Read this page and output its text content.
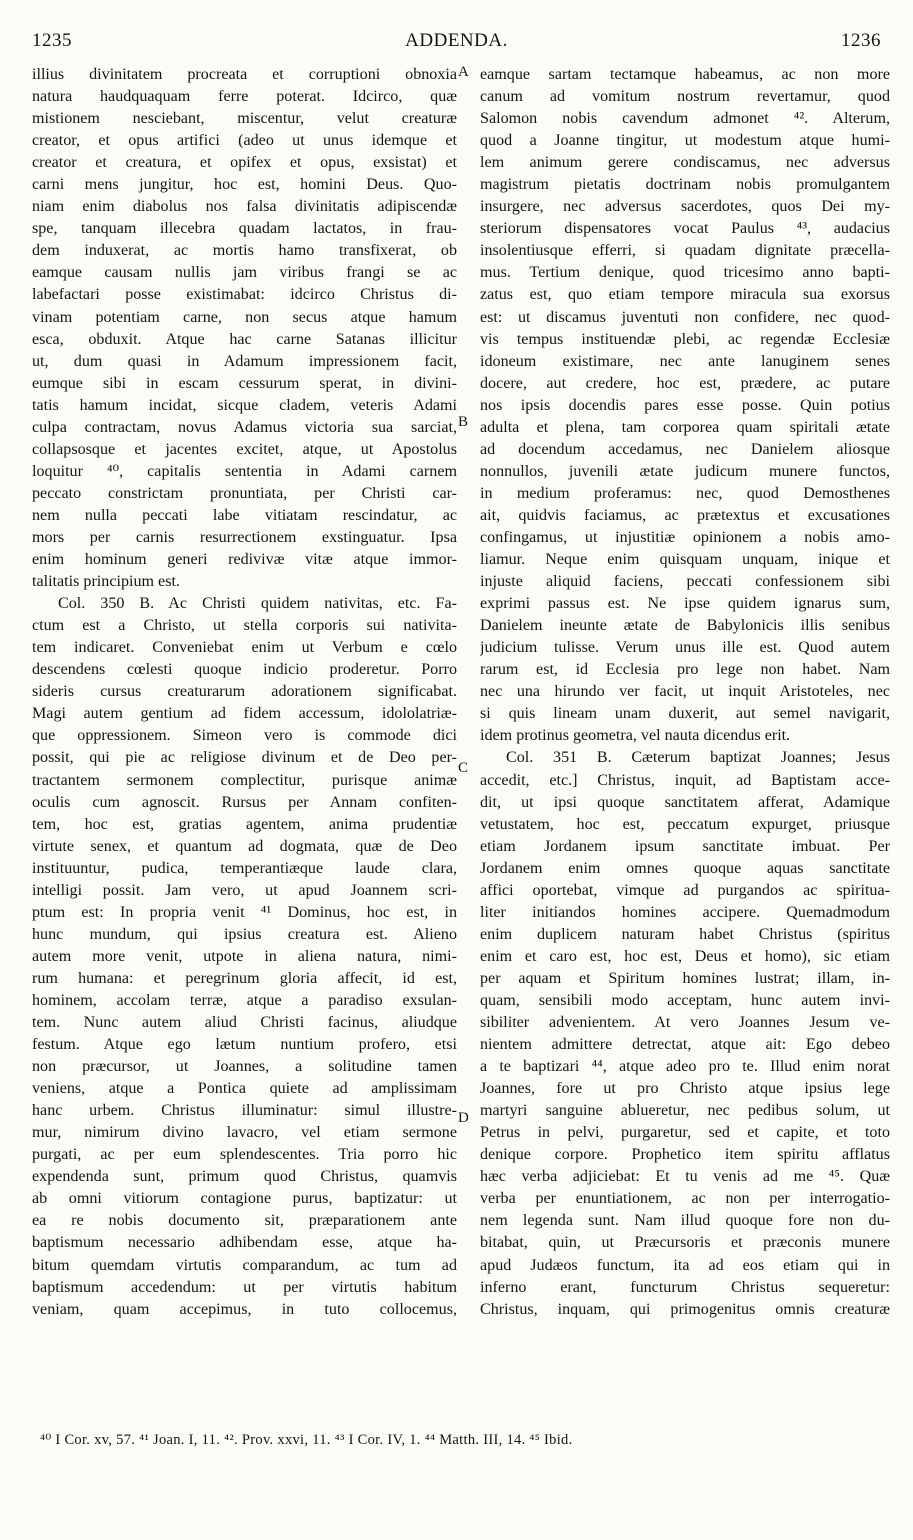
1235	ADDENDA.	1236

illius divinitatem procreata et corruptioni obnoxia

natura haudquaquam ferre poterat. Idcirco, quæ

mistionem nesciebant, miscentur, velut creaturæ

creator, et opus artifici (adeo ut unus idemque et

creator et creatura, et opifex et opus, exsistat) et

carni mens jungitur, hoc est, homini Deus. Quo-

niam enim diabolus nos falsa divinitatis adipiscendæ

spe, tanquam illecebra quadam lactatos, in frau-

dem induxerat, ac mortis hamo transfixerat, ob

eamque causam nullis jam viribus frangi se ac

labefactari posse existimabat: idcirco Christus di-

vinam potentiam carne, non secus atque hamum

esca, obduxit. Atque hac carne Satanas illicitur

ut, dum quasi in Adamum impressionem facit,

eumque sibi in escam cessurum sperat, in divini-

tatis hamum incidat, sicque cladem, veteris Adami

culpa contractam, novus Adamus victoria sua sarciat,

collapsosque et jacentes excitet, atque, ut Apostolus

loquitur ⁴⁰, capitalis sententia in Adami carnem

peccato constrictam pronuntiata, per Christi car-

nem nulla peccati labe vitiatam rescindatur, ac

mors per carnis resurrectionem exstinguatur. Ipsa

enim hominum generi redivivæ vitæ atque immor-

talitatis principium est.

Col. 350 B. Ac Christi quidem nativitas, etc. Fa-

ctum est a Christo, ut stella corporis sui nativita-

tem indicaret. Conveniebat enim ut Verbum e cœlo

descendens cœlesti quoque indicio proderetur. Porro

sideris cursus creaturarum adorationem significabat.

Magi autem gentium ad fidem accessum, idololatriæ-

que oppressionem. Simeon vero is commode dici

possit, qui pie ac religiose divinum et de Deo per-

tractantem sermonem complectitur, purisque animæ

oculis cum agnoscit. Rursus per Annam confiten-

tem, hoc est, gratias agentem, anima prudentiæ

virtute senex, et quantum ad dogmata, quæ de Deo

instituuntur, pudica, temperantiæque laude clara,

intelligi possit. Jam vero, ut apud Joannem scri-

ptum est: In propria venit ⁴¹ Dominus, hoc est, in

hunc mundum, qui ipsius creatura est. Alieno

autem more venit, utpote in aliena natura, nimi-

rum humana: et peregrinum gloria affecit, id est,

hominem, accolam terræ, atque a paradiso exsulan-

tem. Nunc autem aliud Christi facinus, aliudque

festum. Atque ego lætum nuntium profero, etsi

non præcursor, ut Joannes, a solitudine tamen

veniens, atque a Pontica quiete ad amplissimam

hanc urbem. Christus illuminatur: simul illustre-

mur, nimirum divino lavacro, vel etiam sermone

purgati, ac per eum splendescentes. Tria porro hic

expendenda sunt, primum quod Christus, quamvis

ab omni vitiorum contagione purus, baptizatur: ut

ea re nobis documento sit, præparationem ante

baptismum necessario adhibendam esse, atque ha-

bitum quemdam virtutis comparandum, ac tum ad

baptismum accedendum: ut per virtutis habitum

veniam, quam accepimus, in tuto collocemus,

eamque sartam tectamque habeamus, ac non more

canum ad vomitum nostrum revertamur, quod

Salomon nobis cavendum admonet ⁴². Alterum,

quod a Joanne tingitur, ut modestum atque humi-

lem animum gerere condiscamus, nec adversus

magistrum pietatis doctrinam nobis promulgantem

insurgere, nec adversus sacerdotes, quos Dei my-

steriorum dispensatores vocat Paulus ⁴³, audacius

insolentiusque efferri, si quadam dignitate præcella-

mus. Tertium denique, quod tricesimo anno bapti-

zatus est, quo etiam tempore miracula sua exorsus

est: ut discamus juventuti non confidere, nec quod-

vis tempus instituendæ plebi, ac regendæ Ecclesiæ

idoneum existimare, nec ante lanuginem senes

docere, aut credere, hoc est, prædere, ac putare

nos ipsis docendis pares esse posse. Quin potius

adulta et plena, tam corporea quam spiritali ætate

ad docendum accedamus, nec Danielem aliosque

nonnullos, juvenili ætate judicum munere functos,

in medium proferamus: nec, quod Demosthenes

ait, quidvis faciamus, ac prætextus et excusationes

confingamus, ut injustitiæ opinionem a nobis amo-

liamur. Neque enim quisquam unquam, inique et

injuste aliquid faciens, peccati confessionem sibi

exprimi passus est. Ne ipse quidem ignarus sum,

Danielem ineunte ætate de Babylonicis illis senibus

judicium tulisse. Verum unus ille est. Quod autem

rarum est, id Ecclesia pro lege non habet. Nam

nec una hirundo ver facit, ut inquit Aristoteles, nec

si quis lineam unam duxerit, aut semel navigarit,

idem protinus geometra, vel nauta dicendus erit.

Col. 351 B. Cæterum baptizat Joannes; Jesus

accedit, etc.] Christus, inquit, ad Baptistam acce-

dit, ut ipsi quoque sanctitatem afferat, Adamique

vetustatem, hoc est, peccatum expurget, priusque

etiam Jordanem ipsum sanctitate imbuat. Per

Jordanem enim omnes quoque aquas sanctitate

affici oportebat, vimque ad purgandos ac spiritua-

liter initiandos homines accipere. Quemadmodum

enim duplicem naturam habet Christus (spiritus

enim et caro est, hoc est, Deus et homo), sic etiam

per aquam et Spiritum homines lustrat; illam, in-

quam, sensibili modo acceptam, hunc autem invi-

sibiliter advenientem. At vero Joannes Jesum ve-

nientem admittere detrectat, atque ait: Ego debeo

a te baptizari ⁴⁴, atque adeo pro te. Illud enim norat

Joannes, fore ut pro Christo atque ipsius lege

martyri sanguine ablueretur, nec pedibus solum, ut

Petrus in pelvi, purgaretur, sed et capite, et toto

denique corpore. Prophetico item spiritu afflatus

hæc verba adjiciebat: Et tu venis ad me ⁴⁵. Quæ

verba per enuntiationem, ac non per interrogatio-

nem legenda sunt. Nam illud quoque fore non du-

bitabat, quin, ut Præcursoris et præconis munere

apud Judæos functum, ita ad eos etiam qui in

inferno erant, functurum Christus sequeretur:

Christus, inquam, qui primogenitus omnis creaturæ

A
B
C
D
⁴⁰ I Cor. xv, 57. ⁴¹ Joan. I, 11. ⁴². Prov. xxvi, 11. ⁴³ I Cor. IV, 1. ⁴⁴ Matth. III, 14. ⁴⁵ Ibid.
